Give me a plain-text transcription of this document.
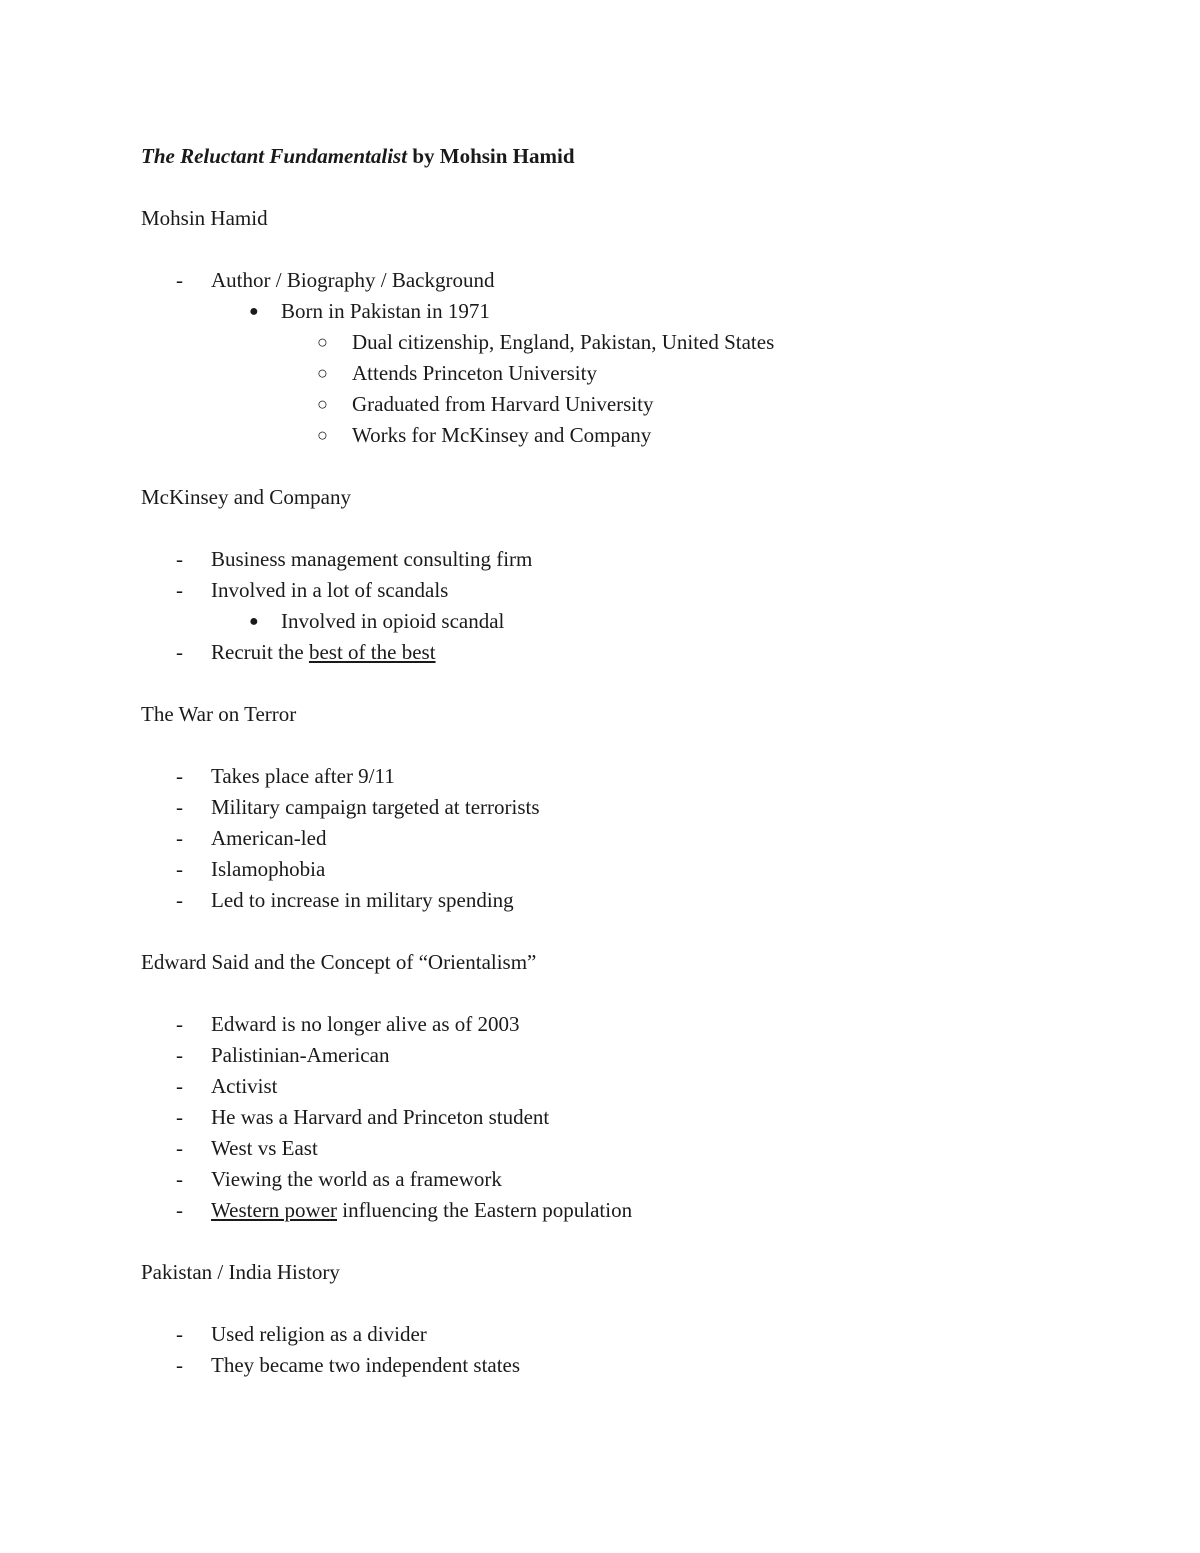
The Reluctant Fundamentalist by Mohsin Hamid
Mohsin Hamid
-	Author / Biography / Background
●	Born in Pakistan in 1971
○	Dual citizenship, England, Pakistan, United States
○	Attends Princeton University
○	Graduated from Harvard University
○	Works for McKinsey and Company
McKinsey and Company
-	Business management consulting firm
-	Involved in a lot of scandals
●	Involved in opioid scandal
-	Recruit the best of the best
The War on Terror
-	Takes place after 9/11
-	Military campaign targeted at terrorists
-	American-led
-	Islamophobia
-	Led to increase in military spending
Edward Said and the Concept of “Orientalism”
-	Edward is no longer alive as of 2003
-	Palistinian-American
-	Activist
-	He was a Harvard and Princeton student
-	West vs East
-	Viewing the world as a framework
-	Western power influencing the Eastern population
Pakistan / India History
-	Used religion as a divider
-	They became two independent states
